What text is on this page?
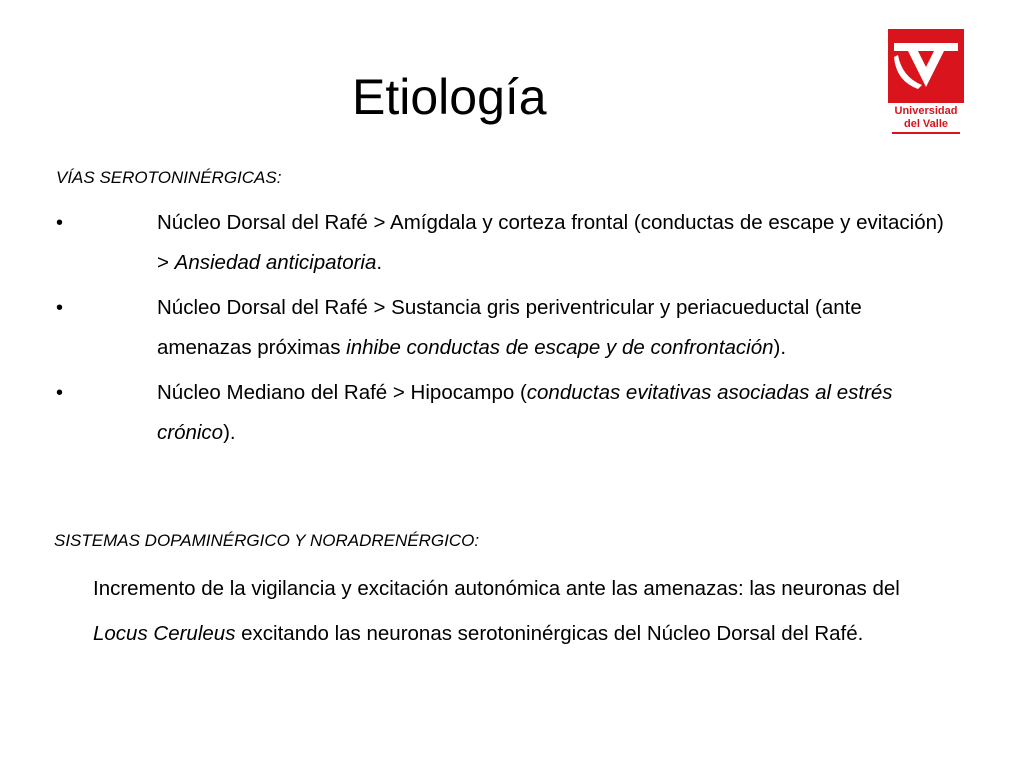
Etiología	Universidad
del Valle
VÍAS SEROTONINÉRGICAS:
•	Núcleo Dorsal del Rafé > Amígdala y corteza frontal (conductas de escape y evitación) > Ansiedad anticipatoria.
•	Núcleo Dorsal del Rafé > Sustancia gris periventricular y periacueductal (ante amenazas próximas inhibe conductas de escape y de confrontación).
•	Núcleo Mediano del Rafé > Hipocampo (conductas evitativas asociadas al estrés crónico).
SISTEMAS DOPAMINÉRGICO Y NORADRENÉRGICO:

Incremento de la vigilancia y excitación autonómica ante las amenazas: las neuronas del Locus Ceruleus excitando las neuronas serotoninérgicas del Núcleo Dorsal del Rafé.
